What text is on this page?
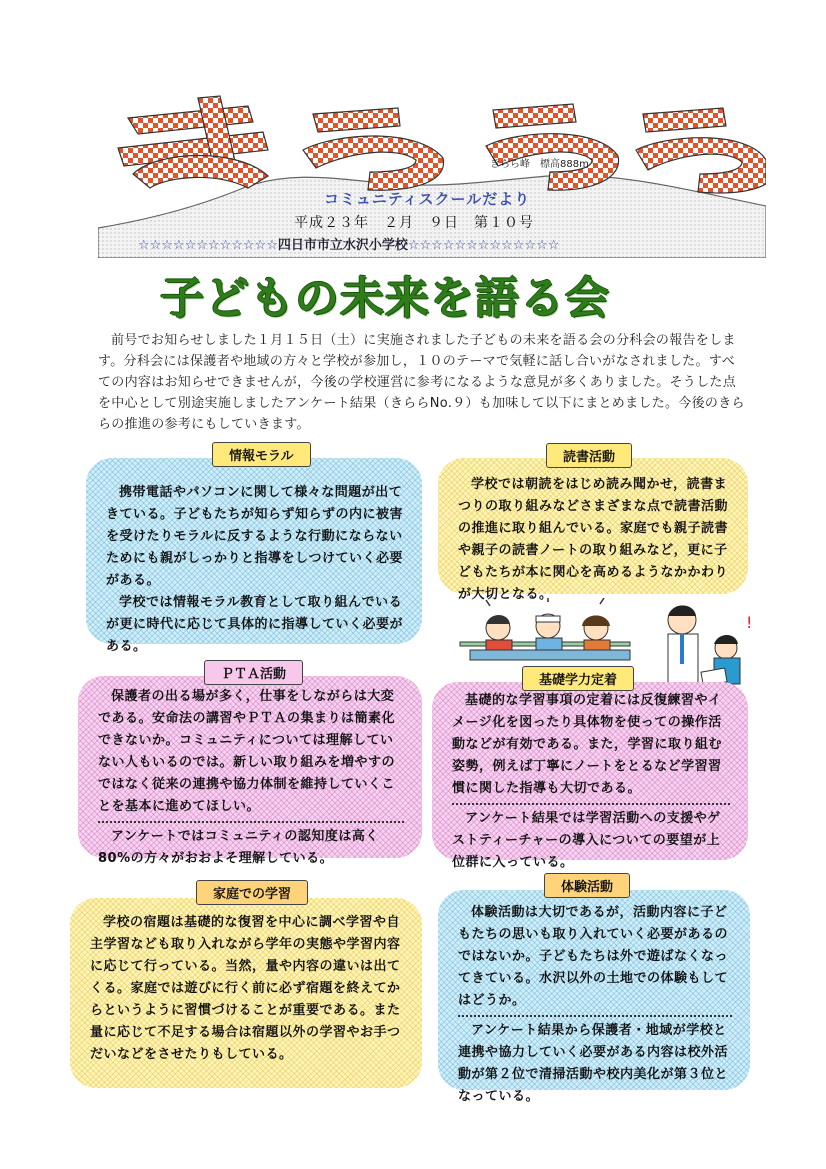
きらら峰　標高888m
コミュニティスクールだより
平成２３年　２月　９日　第１０号
☆☆☆☆☆☆☆☆☆☆☆☆四日市市立水沢小学校☆☆☆☆☆☆☆☆☆☆☆☆☆
子どもの未来を語る会

前号でお知らせしました１月１５日（土）に実施されました子どもの未来を語る会の分科会の報告をします。分科会には保護者や地域の方々と学校が参加し，１０のテーマで気軽に話し合いがなされました。すべての内容はお知らせできませんが，今後の学校運営に参考になるような意見が多くありました。そうした点を中心として別途実施しましたアンケート結果（きららNo.９）も加味して以下にまとめました。今後のきららの推進の参考にもしていきます。

情報モラル

携帯電話やパソコンに関して様々な問題が出てきている。子どもたちが知らず知らずの内に被害を受けたりモラルに反するような行動にならないためにも親がしっかりと指導をしつけていく必要がある。

学校では情報モラル教育として取り組んでいるが更に時代に応じて具体的に指導していく必要がある。

読書活動

学校では朝読をはじめ読み聞かせ，読書まつりの取り組みなどさまざまな点で読書活動の推進に取り組んでいる。家庭でも親子読書や親子の読書ノートの取り組みなど，更に子どもたちが本に関心を高めるようなかかわりが大切となる。

!
ＰＴＡ活動

保護者の出る場が多く，仕事をしながらは大変である。安命法の講習やＰＴＡの集まりは簡素化できないか。コミュニティについては理解していない人もいるのでは。新しい取り組みを増やすのではなく従来の連携や協力体制を維持していくことを基本に進めてほしい。

アンケートではコミュニティの認知度は高く80%の方々がおおよそ理解している。

基礎学力定着

基礎的な学習事項の定着には反復練習やイメージ化を図ったり具体物を使っての操作活動などが有効である。また，学習に取り組む姿勢，例えば丁寧にノートをとるなど学習習慣に関した指導も大切である。

アンケート結果では学習活動への支援やゲストティーチャーの導入についての要望が上位群に入っている。

家庭での学習

学校の宿題は基礎的な復習を中心に調べ学習や自主学習なども取り入れながら学年の実態や学習内容に応じて行っている。当然，量や内容の違いは出てくる。家庭では遊びに行く前に必ず宿題を終えてからというように習慣づけることが重要である。また量に応じて不足する場合は宿題以外の学習やお手つだいなどをさせたりもしている。

体験活動

体験活動は大切であるが，活動内容に子どもたちの思いも取り入れていく必要があるのではないか。子どもたちは外で遊ばなくなってきている。水沢以外の土地での体験もしてはどうか。

アンケート結果から保護者・地域が学校と連携や協力していく必要がある内容は校外活動が第２位で清掃活動や校内美化が第３位となっている。
